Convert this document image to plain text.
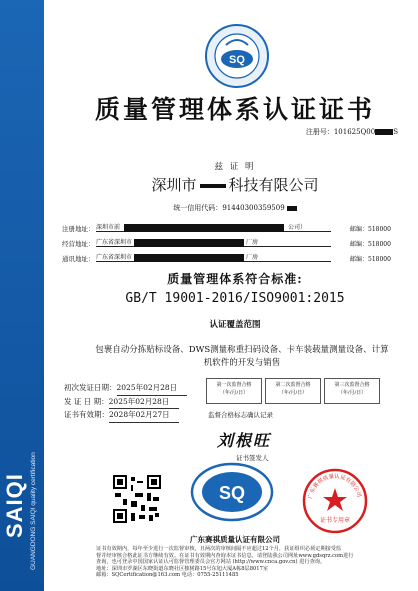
SAIQI GUANGDONG SAIQI quality certification
SQ
质量管理体系认证证书
注册号：101625Q00	S
兹 证 明
深圳市 科技有限公司
统一信用代码：91440300359509
注册地址： 深圳市前	公司）	邮编：518000
经营地址： 广东省深圳市	厂房	邮编：518000
通讯地址： 广东省深圳市	厂房	邮编：518000
质量管理体系符合标准:
GB/T 19001-2016/ISO9001:2015
认证覆盖范围
包裹自动分拣贴标设备、DWS测量称重扫码设备、卡车装载量测量设备、计算机软件的开发与销售
初次发证日期：2025年02月28日
发 证 日 期：2025年02月28日
证书有效期：2028年02月27日
第一次监督合格
（年/月/日）
第二次监督合格
（年/月/日）
第三次监督合格
（年/月/日）
监督合格标志确认记录
刘根旺
证书签发人
SQ
证书专用章
广东赛祺质量认证有限公司
广东赛祺质量认证有限公司
证书有效期内，每年至少进行一次监督审核，且两次的审核间隔不应超过12个月，获证组织必须定期接受监
督并经审核合格此证书方继续有效。在证书有效期内查询本证书信息，请登陆我公司网址www.gdsqrz.com进行
查询，也可登录中国国家认证认可监督管理委员会官方网站 (http://www.cnca.gov.cn) 进行查询。
地址：深圳市罗湖区东晓街道东晓社区独树路15号东旭大厦A栋8层8017室
邮箱：SQCertification@163.com 电话：0755-25111485
